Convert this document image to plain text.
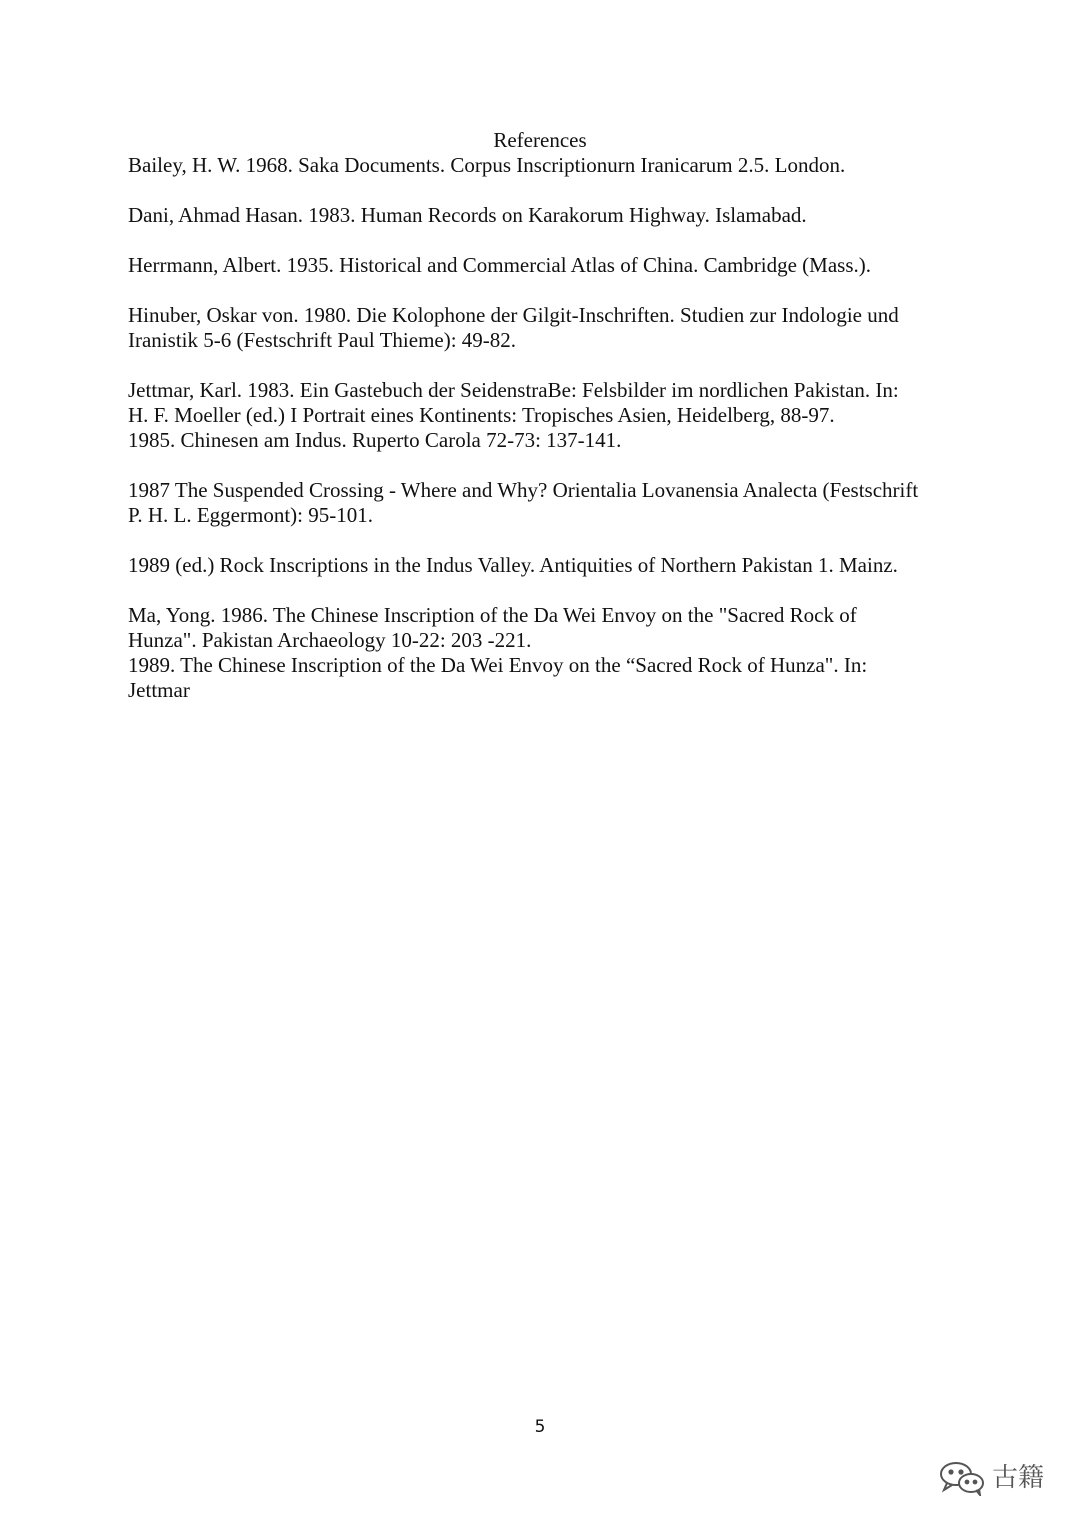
References
Bailey, H. W. 1968. Saka Documents. Corpus Inscriptionurn Iranicarum 2.5. London.
Dani, Ahmad Hasan. 1983. Human Records on Karakorum Highway. Islamabad.
Herrmann, Albert. 1935. Historical and Commercial Atlas of China. Cambridge (Mass.).
Hinuber, Oskar von. 1980. Die Kolophone der Gilgit-Inschriften. Studien zur Indologie und
Iranistik 5-6 (Festschrift Paul Thieme): 49-82.
Jettmar, Karl. 1983. Ein Gastebuch der SeidenstraBe: Felsbilder im nordlichen Pakistan. In:
H. F. Moeller (ed.) I Portrait eines Kontinents: Tropisches Asien, Heidelberg, 88-97.
1985. Chinesen am Indus. Ruperto Carola 72-73: 137-141.
1987 The Suspended Crossing - Where and Why? Orientalia Lovanensia Analecta (Festschrift
P. H. L. Eggermont): 95-101.
1989 (ed.) Rock Inscriptions in the Indus Valley. Antiquities of Northern Pakistan 1. Mainz.
Ma, Yong. 1986. The Chinese Inscription of the Da Wei Envoy on the "Sacred Rock of
Hunza". Pakistan Archaeology 10-22: 203 -221.
1989. The Chinese Inscription of the Da Wei Envoy on the “Sacred Rock of Hunza". In:
Jettmar
5
古籍
